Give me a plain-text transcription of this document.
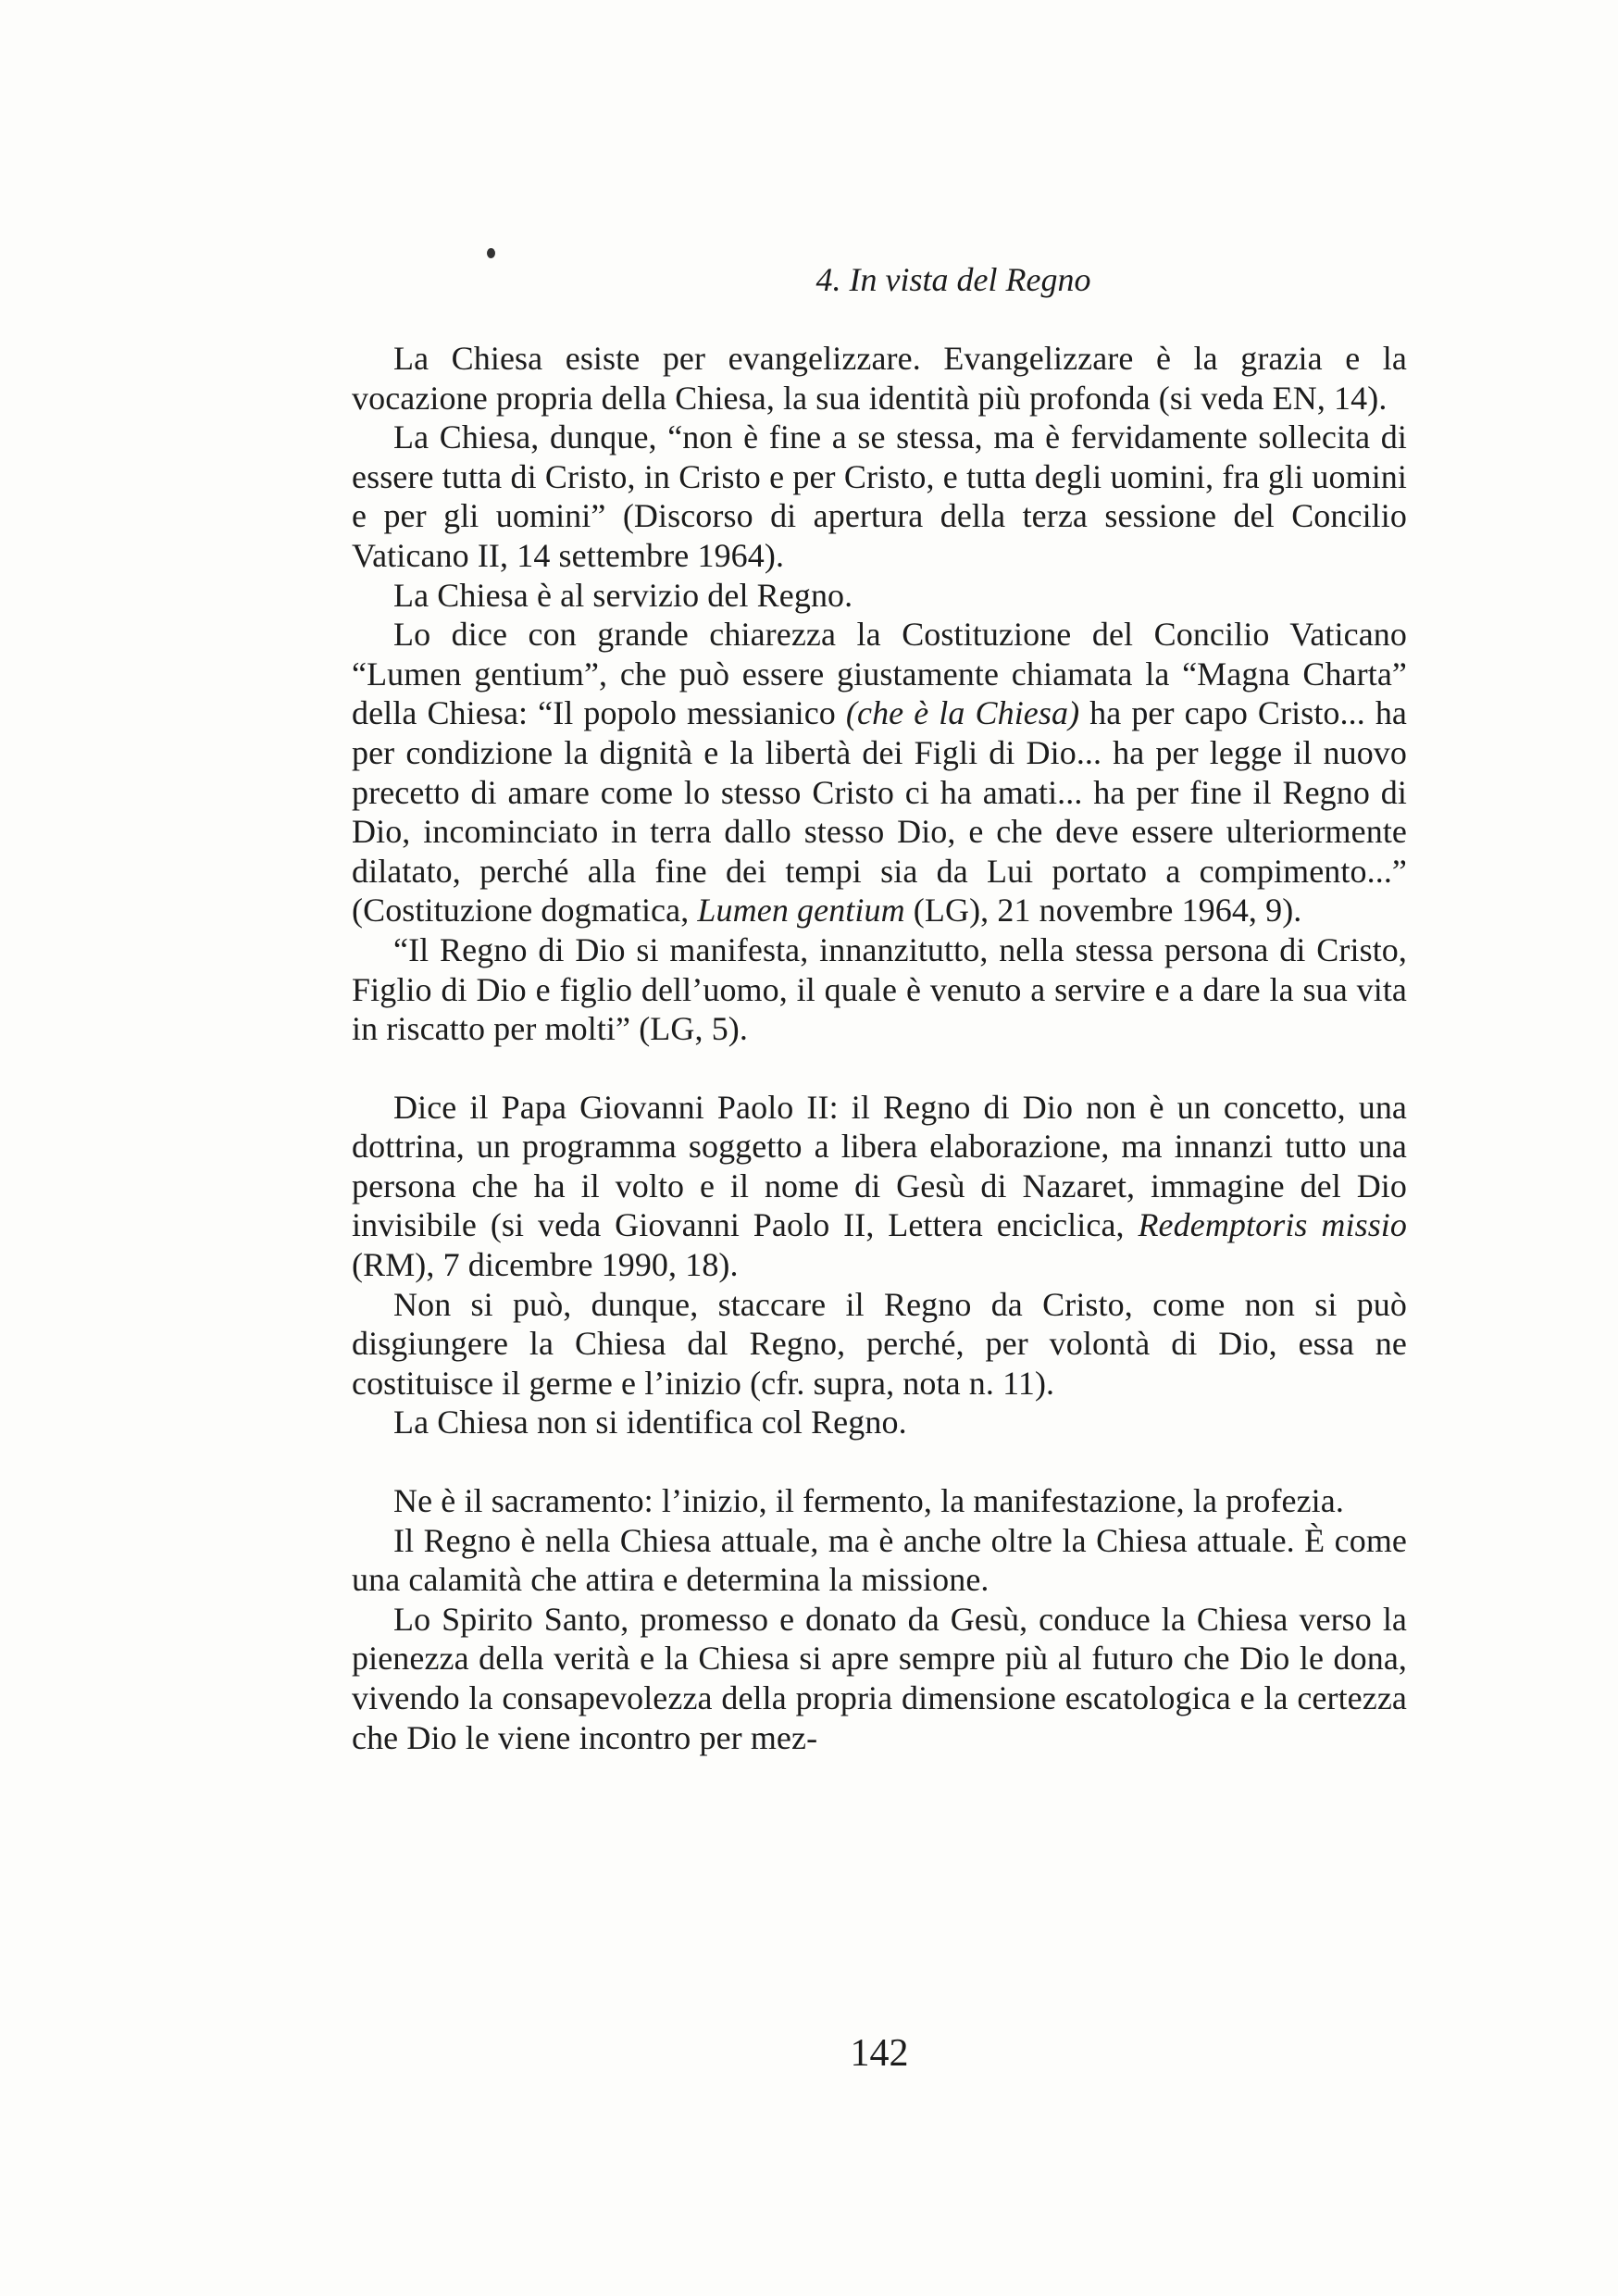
4. In vista del Regno

La Chiesa esiste per evangelizzare. Evangelizzare è la grazia e la vocazione propria della Chiesa, la sua identità più profonda (si veda EN, 14).

La Chiesa, dunque, “non è fine a se stessa, ma è fervidamente sollecita di essere tutta di Cristo, in Cristo e per Cristo, e tutta degli uomini, fra gli uomini e per gli uomini” (Discorso di apertura della terza sessione del Concilio Vaticano II, 14 settembre 1964).

La Chiesa è al servizio del Regno.

Lo dice con grande chiarezza la Costituzione del Concilio Vaticano “Lumen gentium”, che può essere giustamente chiamata la “Magna Charta” della Chiesa: “Il popolo messianico (che è la Chiesa) ha per capo Cristo... ha per condizione la dignità e la libertà dei Figli di Dio... ha per legge il nuovo precetto di amare come lo stesso Cristo ci ha amati... ha per fine il Regno di Dio, incominciato in terra dallo stesso Dio, e che deve essere ulteriormente dilatato, perché alla fine dei tempi sia da Lui portato a compimento...” (Costituzione dogmatica, Lumen gentium (LG), 21 novembre 1964, 9).

“Il Regno di Dio si manifesta, innanzitutto, nella stessa persona di Cristo, Figlio di Dio e figlio dell’uomo, il quale è venuto a servire e a dare la sua vita in riscatto per molti” (LG, 5).

Dice il Papa Giovanni Paolo II: il Regno di Dio non è un concetto, una dottrina, un programma soggetto a libera elaborazione, ma innanzi tutto una persona che ha il volto e il nome di Gesù di Nazaret, immagine del Dio invisibile (si veda Giovanni Paolo II, Lettera enciclica, Redemptoris missio (RM), 7 dicembre 1990, 18).

Non si può, dunque, staccare il Regno da Cristo, come non si può disgiungere la Chiesa dal Regno, perché, per volontà di Dio, essa ne costituisce il germe e l’inizio (cfr. supra, nota n. 11).

La Chiesa non si identifica col Regno.

Ne è il sacramento: l’inizio, il fermento, la manifestazione, la profezia.

Il Regno è nella Chiesa attuale, ma è anche oltre la Chiesa attuale. È come una calamità che attira e determina la missione.

Lo Spirito Santo, promesso e donato da Gesù, conduce la Chiesa verso la pienezza della verità e la Chiesa si apre sempre più al futuro che Dio le dona, vivendo la consapevolezza della propria dimensione escatologica e la certezza che Dio le viene incontro per mez-

142
